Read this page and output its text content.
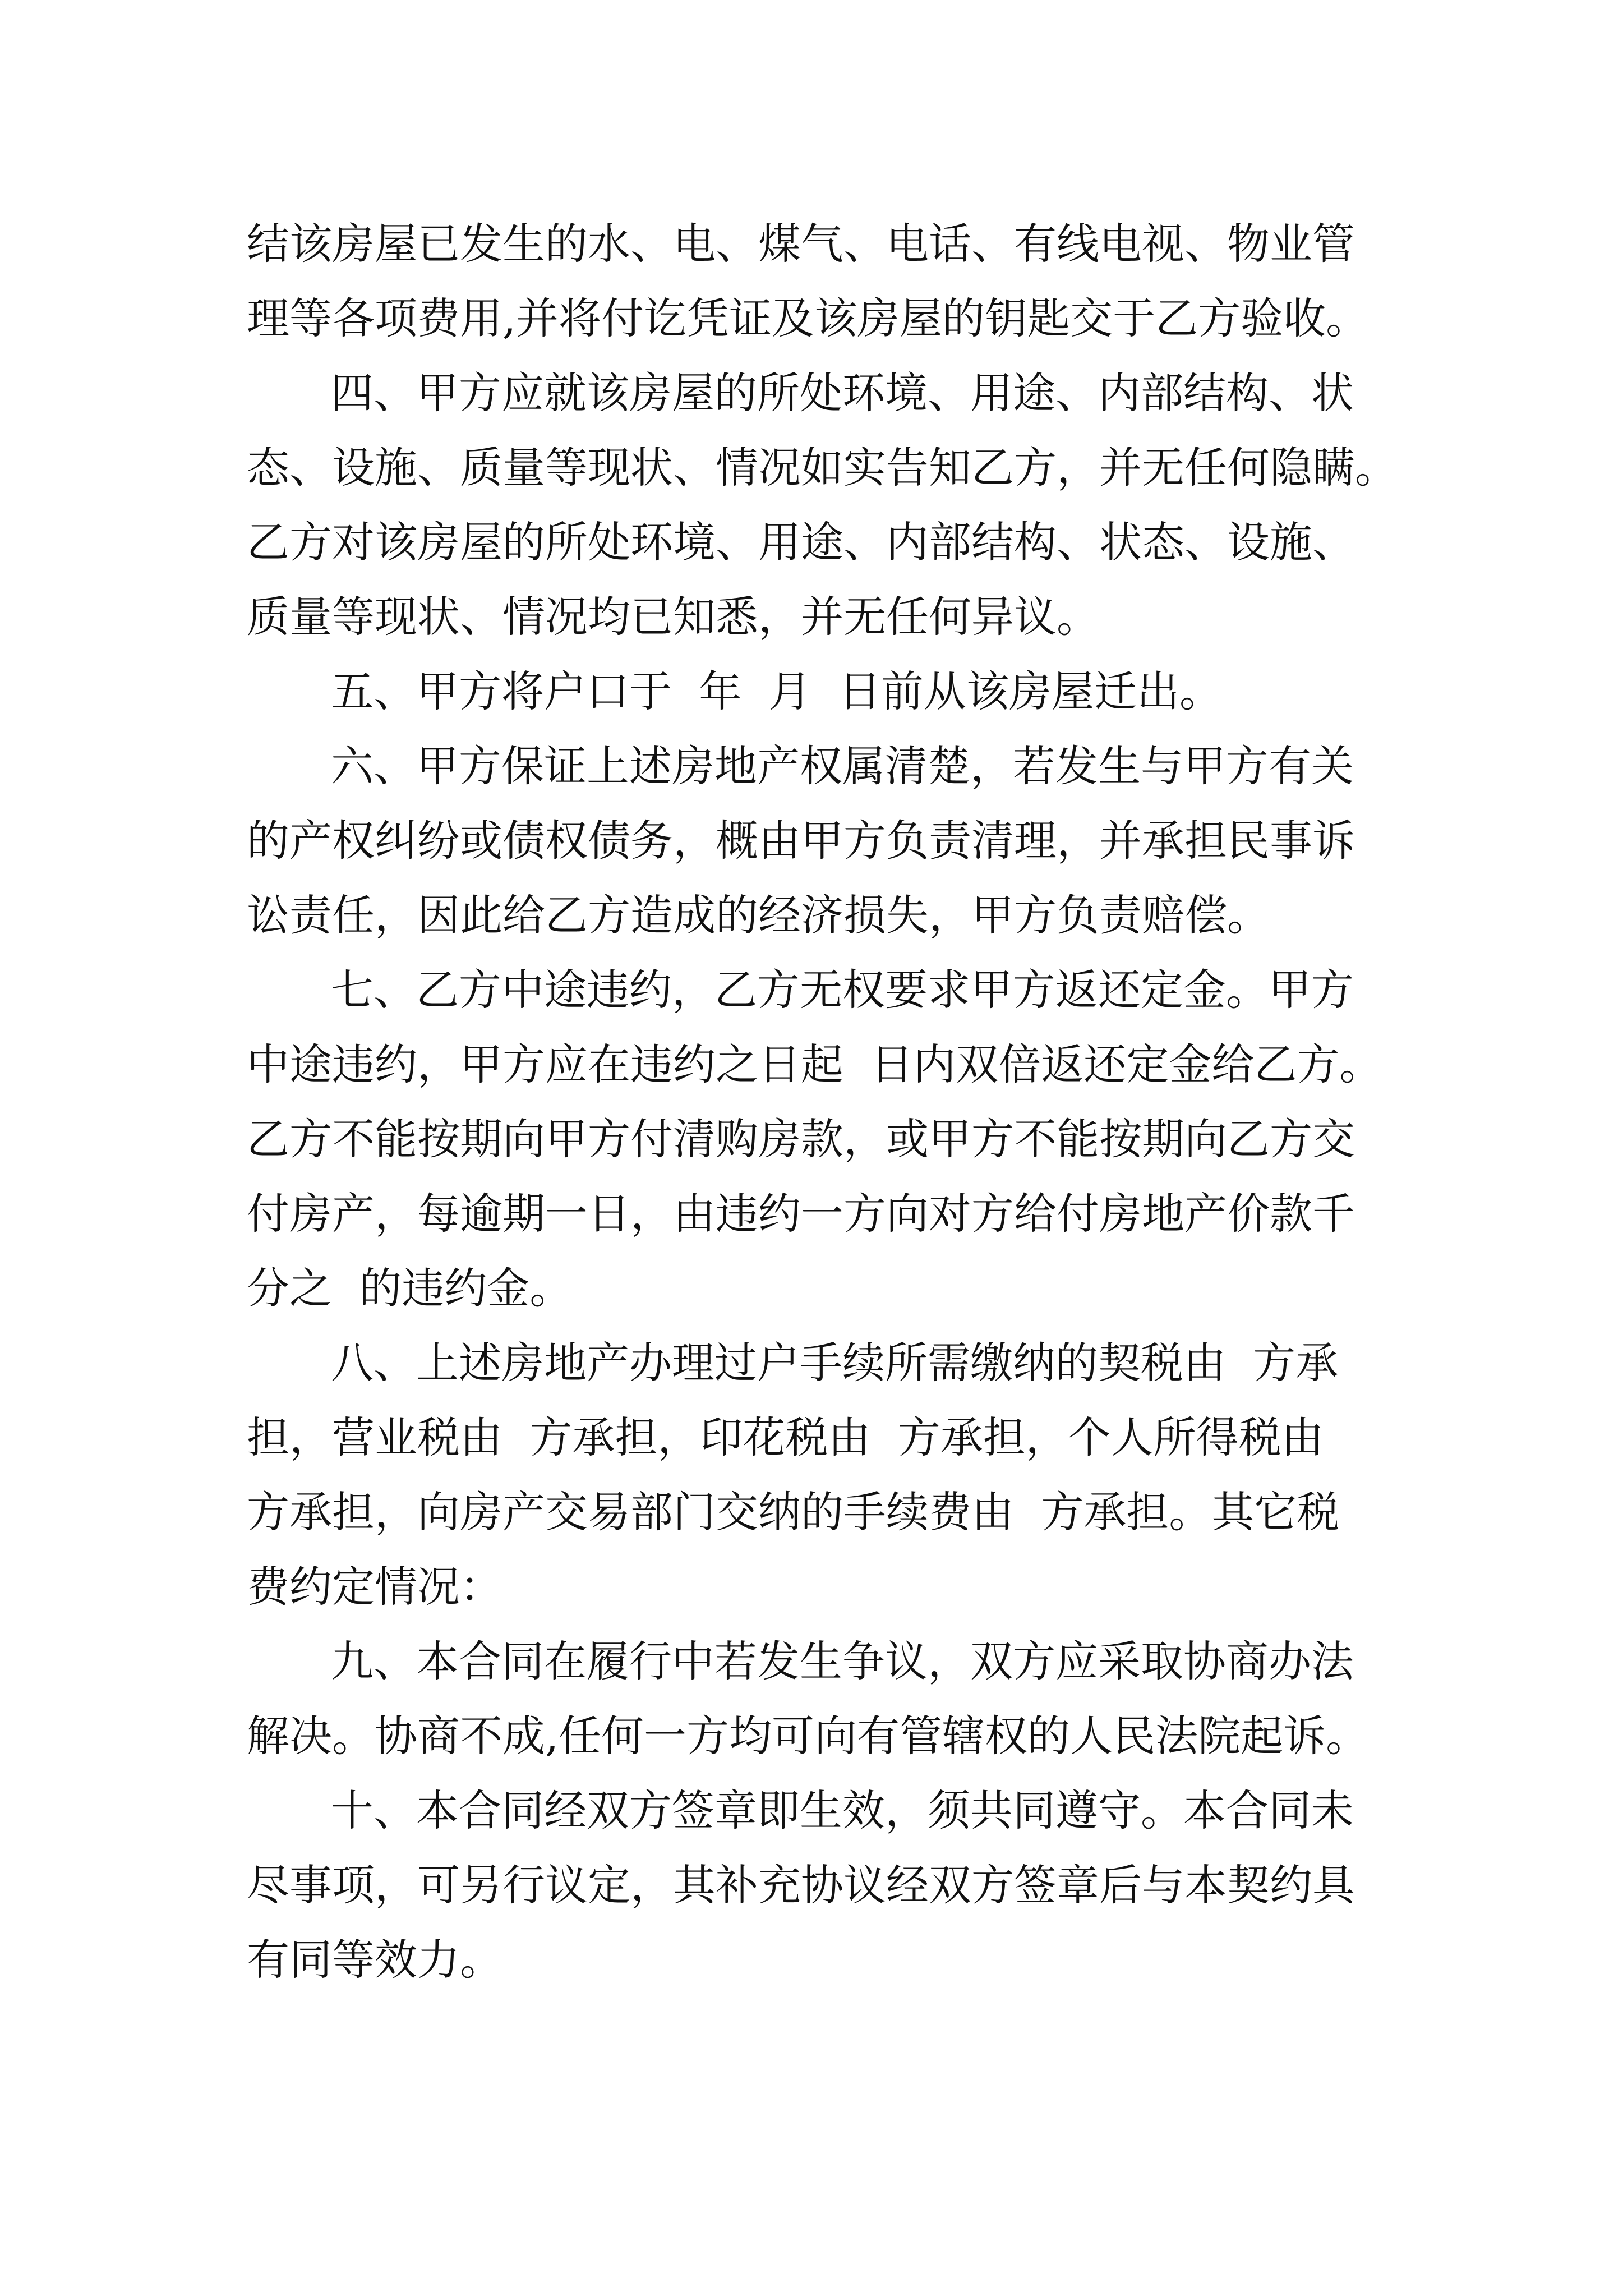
结该房屋已发生的水、电、煤气、电话、有线电视、物业管
理等各项费用,并将付讫凭证及该房屋的钥匙交于乙方验收。
四、甲方应就该房屋的所处环境、用途、内部结构、状
态、设施、质量等现状、情况如实告知乙方，并无任何隐瞒。
乙方对该房屋的所处环境、用途、内部结构、状态、设施、
质量等现状、情况均已知悉，并无任何异议。
五、甲方将户口于  年  月  日前从该房屋迁出。
六、甲方保证上述房地产权属清楚，若发生与甲方有关
的产权纠纷或债权债务，概由甲方负责清理，并承担民事诉
讼责任，因此给乙方造成的经济损失，甲方负责赔偿。
七、乙方中途违约，乙方无权要求甲方返还定金。甲方
中途违约，甲方应在违约之日起  日内双倍返还定金给乙方。
乙方不能按期向甲方付清购房款，或甲方不能按期向乙方交
付房产，每逾期一日，由违约一方向对方给付房地产价款千
分之  的违约金。
八、上述房地产办理过户手续所需缴纳的契税由  方承
担，营业税由  方承担，印花税由  方承担，个人所得税由
方承担，向房产交易部门交纳的手续费由  方承担。其它税
费约定情况：
九、本合同在履行中若发生争议，双方应采取协商办法
解决。协商不成,任何一方均可向有管辖权的人民法院起诉。
十、本合同经双方签章即生效，须共同遵守。本合同未
尽事项，可另行议定，其补充协议经双方签章后与本契约具
有同等效力。
